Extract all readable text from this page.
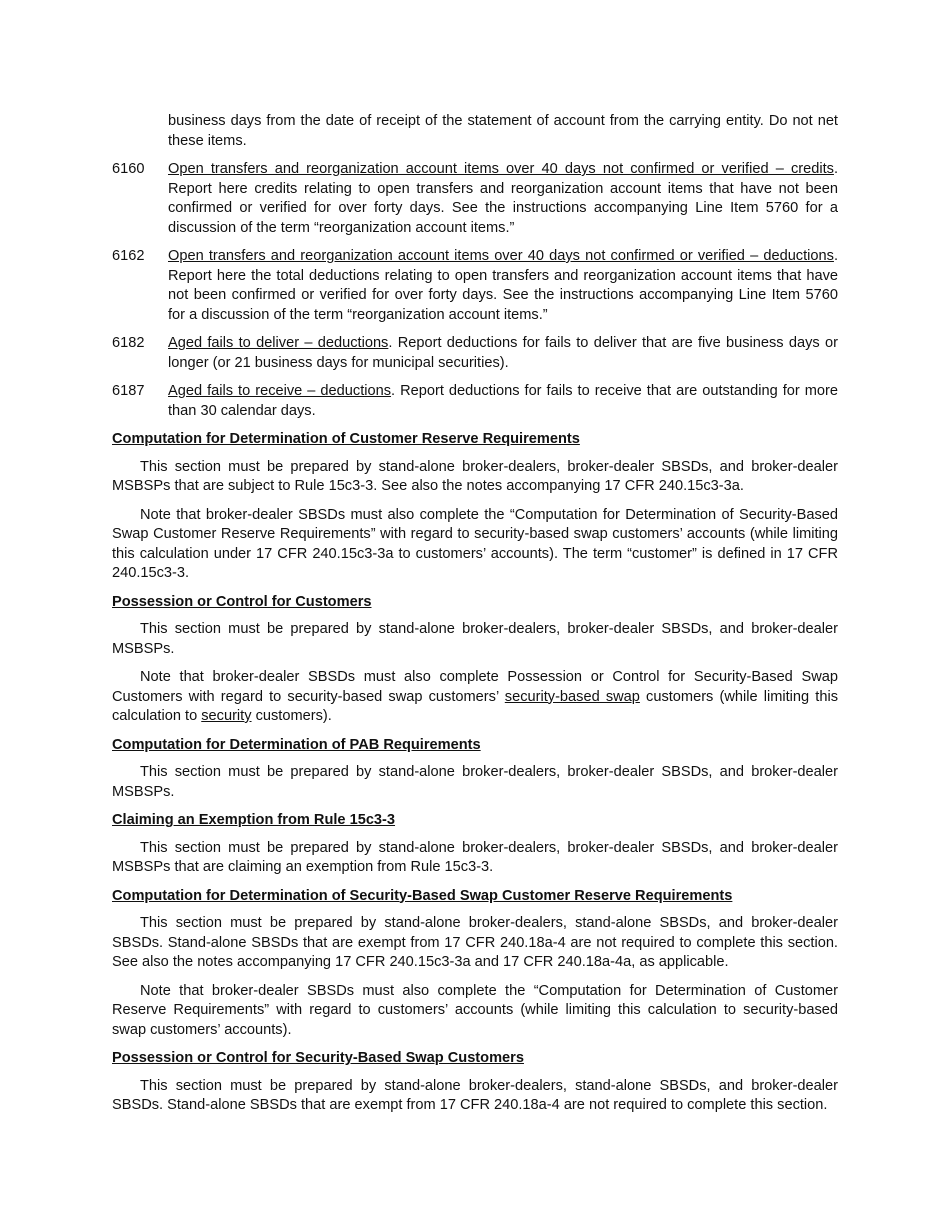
business days from the date of receipt of the statement of account from the carrying entity. Do not net these items.

6160	Open transfers and reorganization account items over 40 days not confirmed or verified – credits. Report here credits relating to open transfers and reorganization account items that have not been confirmed or verified for over forty days. See the instructions accompanying Line Item 5760 for a discussion of the term “reorganization account items.”
6162	Open transfers and reorganization account items over 40 days not confirmed or verified – deductions. Report here the total deductions relating to open transfers and reorganization account items that have not been confirmed or verified for over forty days. See the instructions accompanying Line Item 5760 for a discussion of the term “reorganization account items.”
6182	Aged fails to deliver – deductions. Report deductions for fails to deliver that are five business days or longer (or 21 business days for municipal securities).
6187	Aged fails to receive – deductions. Report deductions for fails to receive that are outstanding for more than 30 calendar days.
Computation for Determination of Customer Reserve Requirements

This section must be prepared by stand-alone broker-dealers, broker-dealer SBSDs, and broker-dealer MSBSPs that are subject to Rule 15c3-3. See also the notes accompanying 17 CFR 240.15c3-3a.

Note that broker-dealer SBSDs must also complete the “Computation for Determination of Security-Based Swap Customer Reserve Requirements” with regard to security-based swap customers’ accounts (while limiting this calculation under 17 CFR 240.15c3-3a to customers’ accounts). The term “customer” is defined in 17 CFR 240.15c3-3.

Possession or Control for Customers

This section must be prepared by stand-alone broker-dealers, broker-dealer SBSDs, and broker-dealer MSBSPs.

Note that broker-dealer SBSDs must also complete Possession or Control for Security-Based Swap Customers with regard to security-based swap customers’ security-based swap customers (while limiting this calculation to security customers).

Computation for Determination of PAB Requirements

This section must be prepared by stand-alone broker-dealers, broker-dealer SBSDs, and broker-dealer MSBSPs.

Claiming an Exemption from Rule 15c3-3

This section must be prepared by stand-alone broker-dealers, broker-dealer SBSDs, and broker-dealer MSBSPs that are claiming an exemption from Rule 15c3-3.

Computation for Determination of Security-Based Swap Customer Reserve Requirements

This section must be prepared by stand-alone broker-dealers, stand-alone SBSDs, and broker-dealer SBSDs. Stand-alone SBSDs that are exempt from 17 CFR 240.18a-4 are not required to complete this section. See also the notes accompanying 17 CFR 240.15c3-3a and 17 CFR 240.18a-4a, as applicable.

Note that broker-dealer SBSDs must also complete the “Computation for Determination of Customer Reserve Requirements” with regard to customers’ accounts (while limiting this calculation to security-based swap customers’ accounts).

Possession or Control for Security-Based Swap Customers

This section must be prepared by stand-alone broker-dealers, stand-alone SBSDs, and broker-dealer SBSDs. Stand-alone SBSDs that are exempt from 17 CFR 240.18a-4 are not required to complete this section.
